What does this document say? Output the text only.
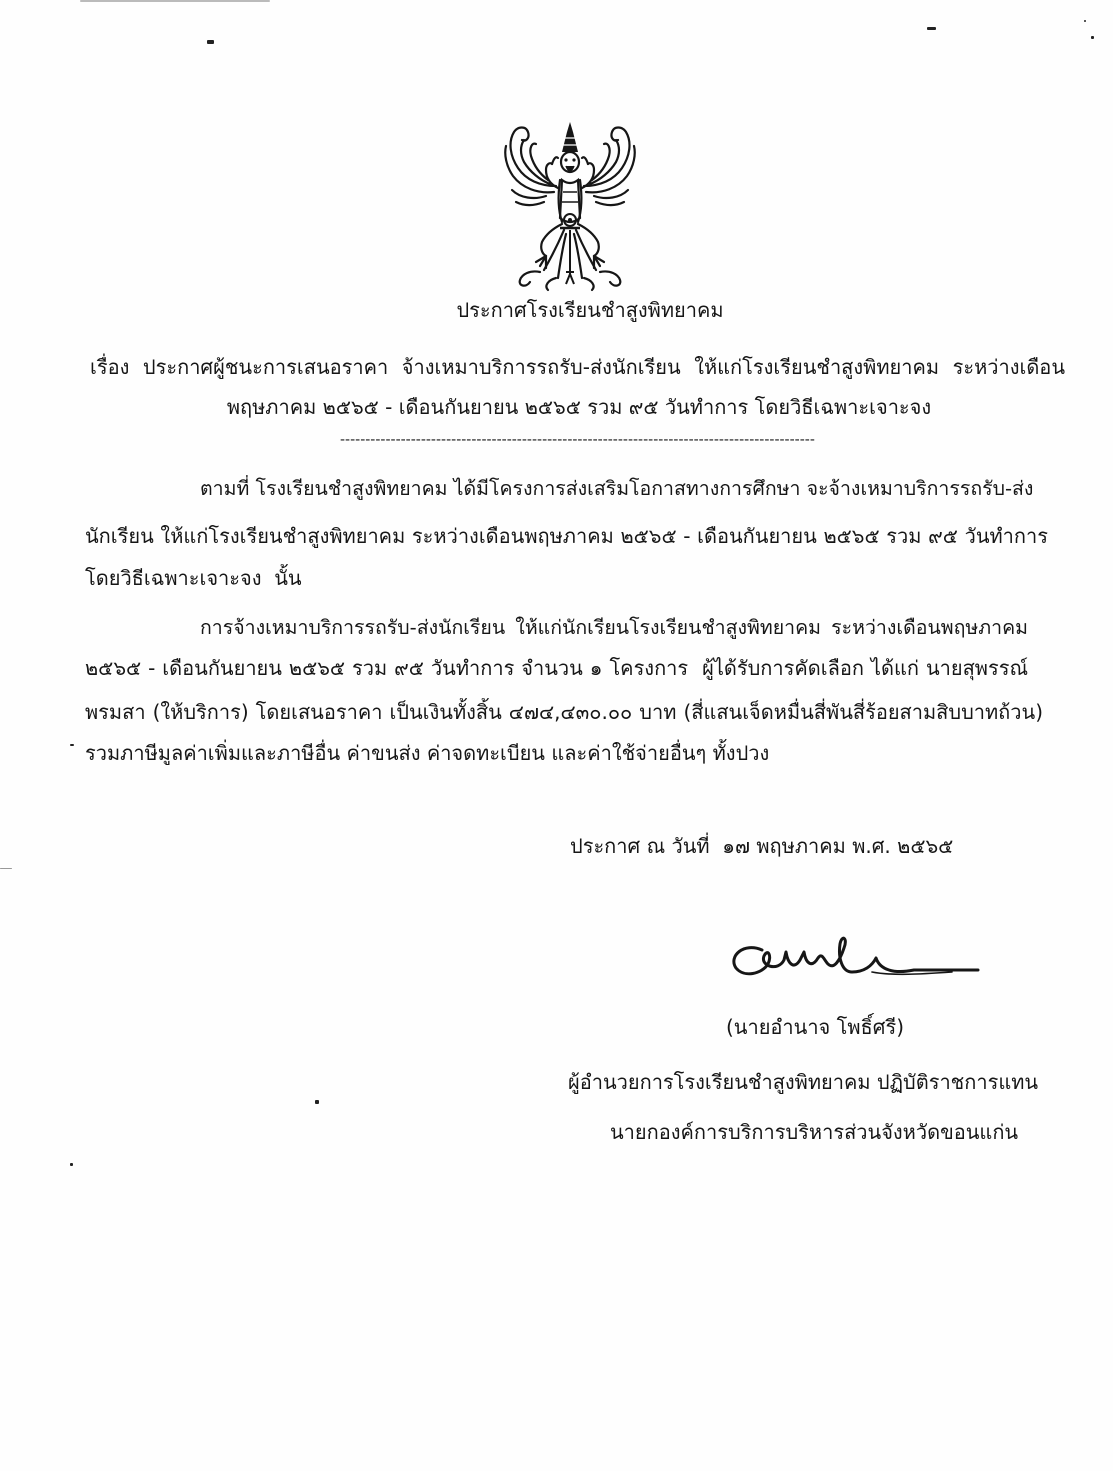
ประกาศโรงเรียนชำสูงพิทยาคม
เรื่อง ประกาศผู้ชนะการเสนอราคา จ้างเหมาบริการรถรับ-ส่งนักเรียน ให้แก่โรงเรียนชำสูงพิทยาคม ระหว่างเดือน
พฤษภาคม ๒๕๖๕ - เดือนกันยายน ๒๕๖๕ รวม ๙๕ วันทำการ โดยวิธีเฉพาะเจาะจง
----------------------------------------------------------------------------------------------
ตามที่ โรงเรียนชำสูงพิทยาคม ได้มีโครงการส่งเสริมโอกาสทางการศึกษา จะจ้างเหมาบริการรถรับ-ส่ง
นักเรียน ให้แก่โรงเรียนชำสูงพิทยาคม ระหว่างเดือนพฤษภาคม ๒๕๖๕ - เดือนกันยายน ๒๕๖๕ รวม ๙๕ วันทำการ
โดยวิธีเฉพาะเจาะจง  นั้น
การจ้างเหมาบริการรถรับ-ส่งนักเรียน ให้แก่นักเรียนโรงเรียนชำสูงพิทยาคม ระหว่างเดือนพฤษภาคม
๒๕๖๕ - เดือนกันยายน ๒๕๖๕ รวม ๙๕ วันทำการ จำนวน ๑ โครงการ  ผู้ได้รับการคัดเลือก ได้แก่ นายสุพรรณ์
พรมสา (ให้บริการ) โดยเสนอราคา เป็นเงินทั้งสิ้น ๔๗๔,๔๓๐.๐๐ บาท (สี่แสนเจ็ดหมื่นสี่พันสี่ร้อยสามสิบบาทถ้วน)
รวมภาษีมูลค่าเพิ่มและภาษีอื่น ค่าขนส่ง ค่าจดทะเบียน และค่าใช้จ่ายอื่นๆ ทั้งปวง
ประกาศ ณ วันที่  ๑๗ พฤษภาคม พ.ศ. ๒๕๖๕
(นายอำนาจ โพธิ์ศรี)
ผู้อำนวยการโรงเรียนชำสูงพิทยาคม ปฏิบัติราชการแทน
นายกองค์การบริการบริหารส่วนจังหวัดขอนแก่น
